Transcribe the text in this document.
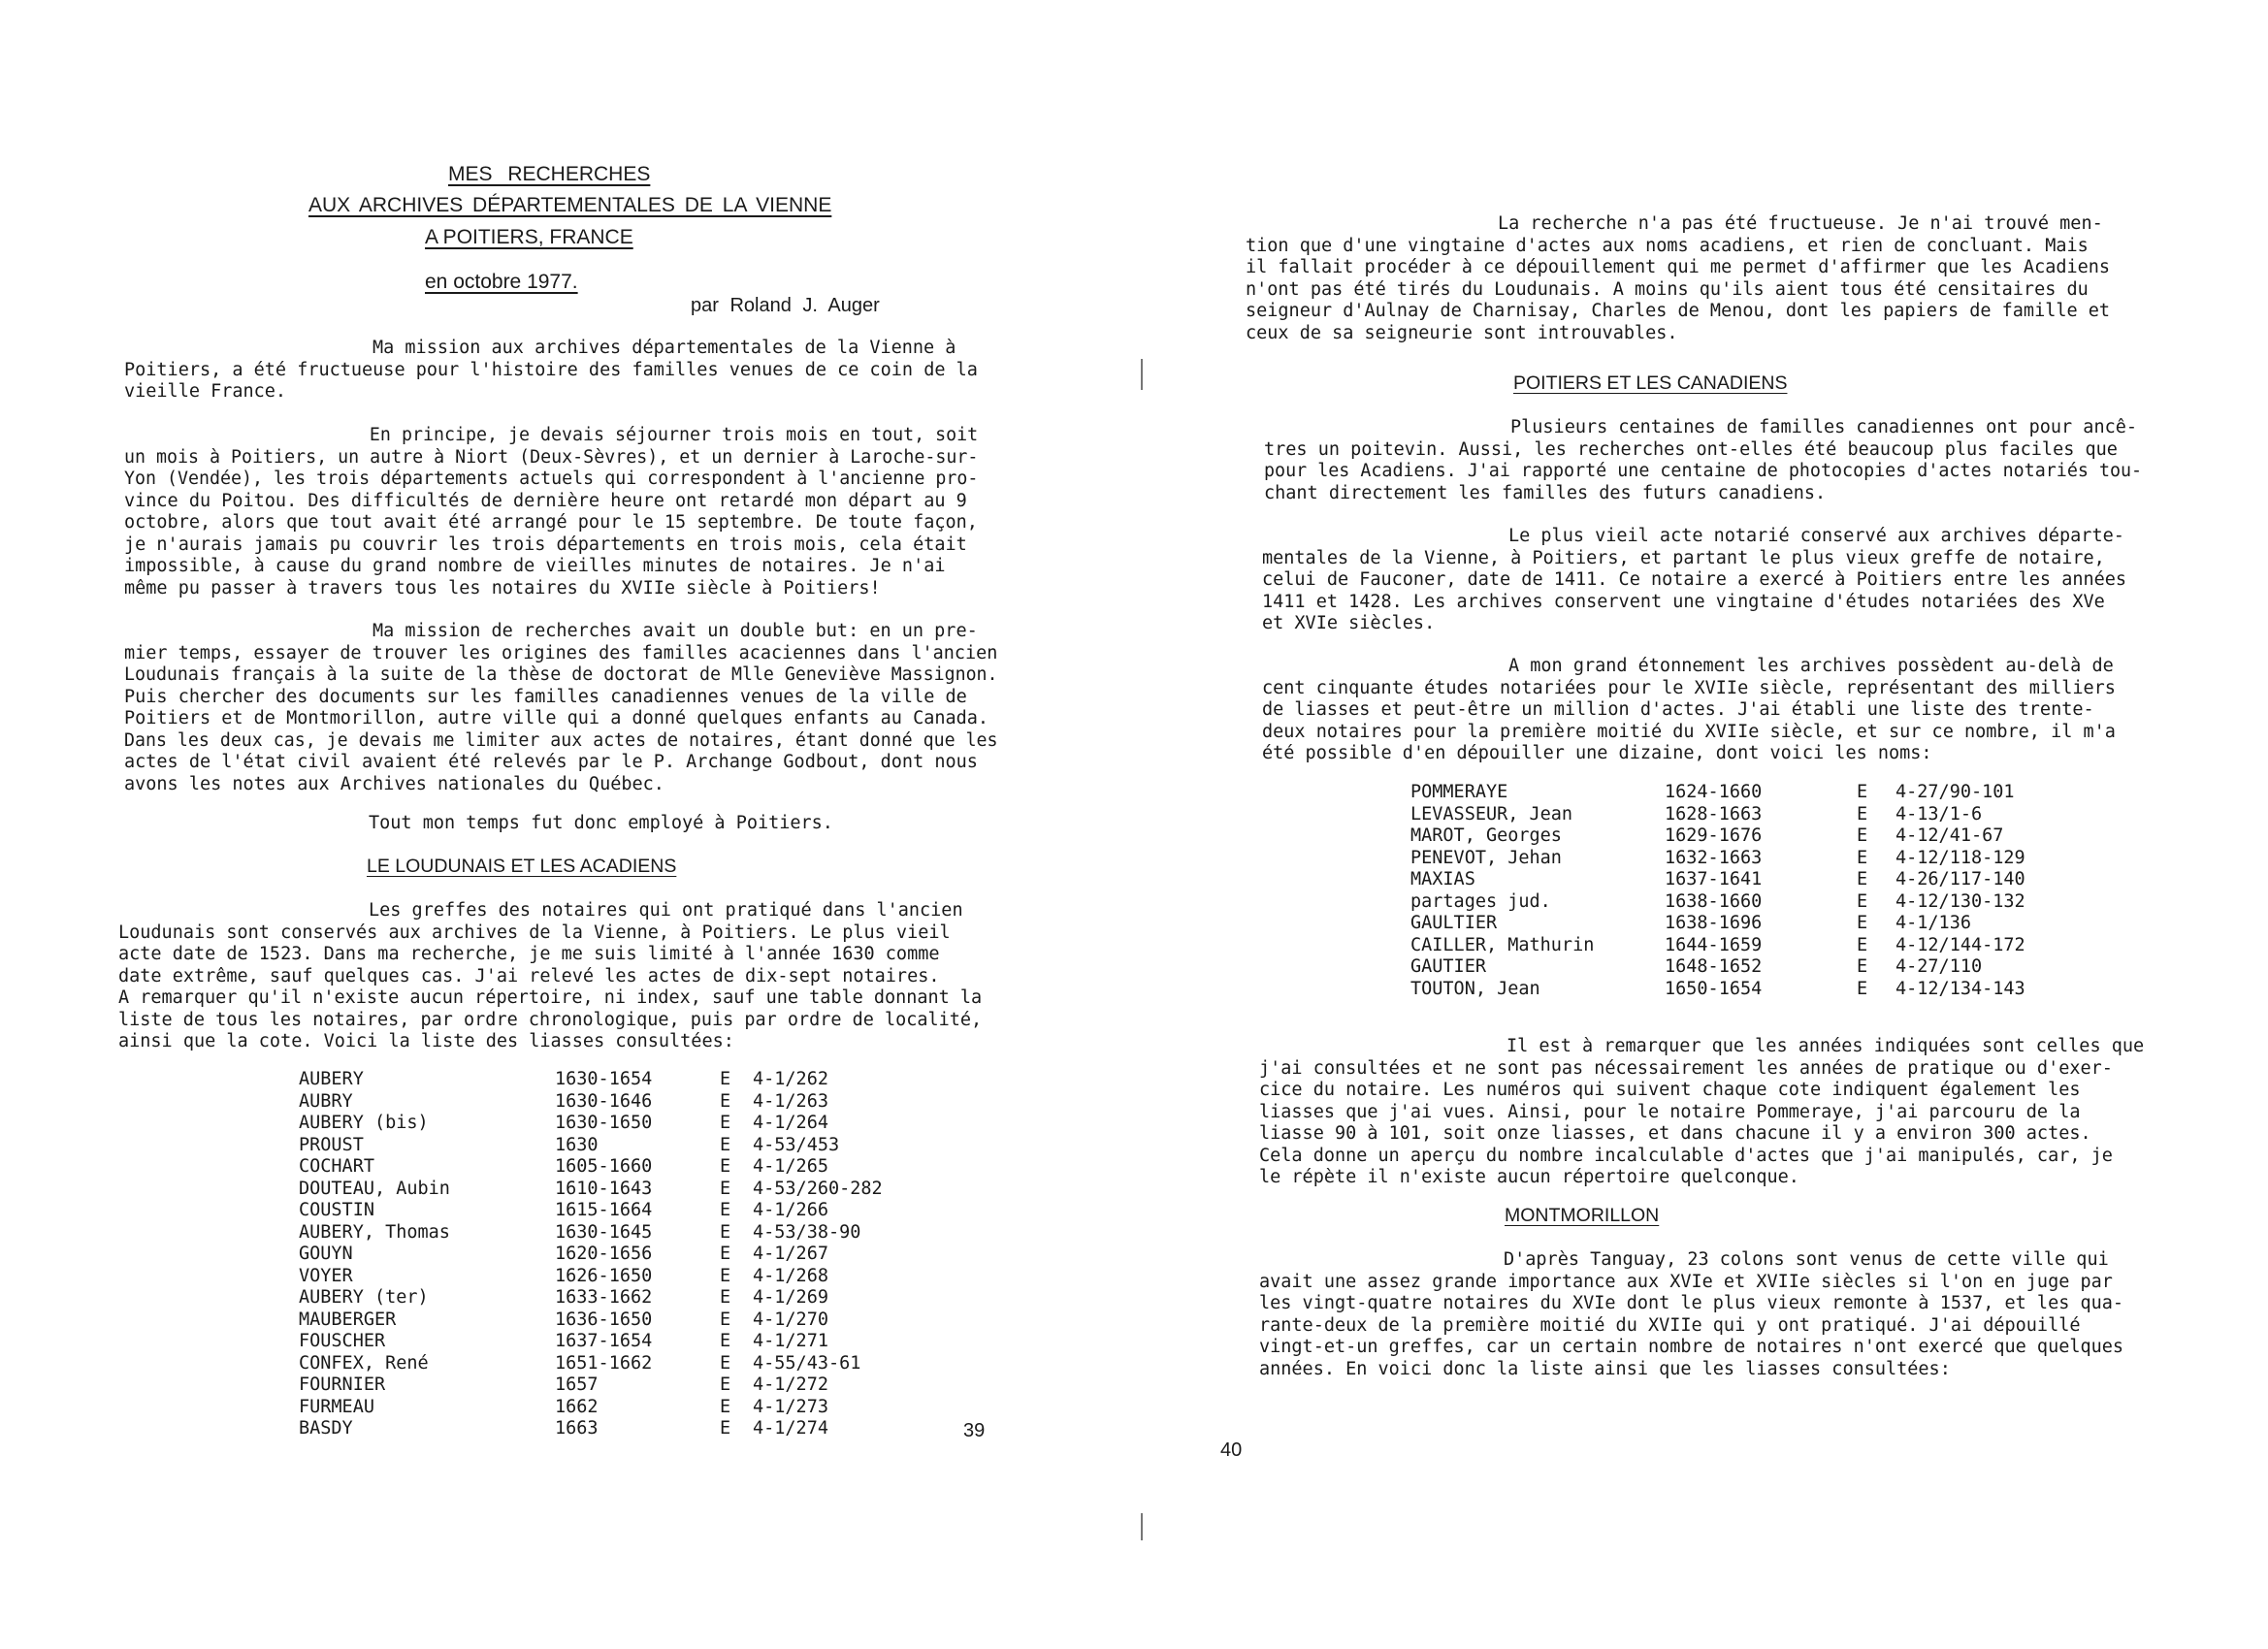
MES RECHERCHES
AUX ARCHIVES DÉPARTEMENTALES DE LA VIENNE
A POITIERS, FRANCE
en octobre 1977.
par Roland J. Auger
Ma mission aux archives départementales de la Vienne à
Poitiers, a été fructueuse pour l'histoire des familles venues de ce coin de la
vieille France.
En principe, je devais séjourner trois mois en tout, soit
un mois à Poitiers, un autre à Niort (Deux-Sèvres), et un dernier à Laroche-sur-
Yon (Vendée), les trois départements actuels qui correspondent à l'ancienne pro-
vince du Poitou. Des difficultés de dernière heure ont retardé mon départ au 9
octobre, alors que tout avait été arrangé pour le 15 septembre. De toute façon,
je n'aurais jamais pu couvrir les trois départements en trois mois, cela était
impossible, à cause du grand nombre de vieilles minutes de notaires. Je n'ai
même pu passer à travers tous les notaires du XVIIe siècle à Poitiers!
Ma mission de recherches avait un double but: en un pre-
mier temps, essayer de trouver les origines des familles acaciennes dans l'ancien
Loudunais français à la suite de la thèse de doctorat de Mlle Geneviève Massignon.
Puis chercher des documents sur les familles canadiennes venues de la ville de
Poitiers et de Montmorillon, autre ville qui a donné quelques enfants au Canada.
Dans les deux cas, je devais me limiter aux actes de notaires, étant donné que les
actes de l'état civil avaient été relevés par le P. Archange Godbout, dont nous
avons les notes aux Archives nationales du Québec.
Tout mon temps fut donc employé à Poitiers.
LE LOUDUNAIS ET LES ACADIENS
Les greffes des notaires qui ont pratiqué dans l'ancien
Loudunais sont conservés aux archives de la Vienne, à Poitiers. Le plus vieil
acte date de 1523. Dans ma recherche, je me suis limité à l'année 1630 comme
date extrême, sauf quelques cas. J'ai relevé les actes de dix-sept notaires.
A remarquer qu'il n'existe aucun répertoire, ni index, sauf une table donnant la
liste de tous les notaires, par ordre chronologique, puis par ordre de localité,
ainsi que la cote. Voici la liste des liasses consultées:
AUBERY	1630-1654	E	4-1/262
AUBRY	1630-1646	E	4-1/263
AUBERY (bis)	1630-1650	E	4-1/264
PROUST	1630	E	4-53/453
COCHART	1605-1660	E	4-1/265
DOUTEAU, Aubin	1610-1643	E	4-53/260-282
COUSTIN	1615-1664	E	4-1/266
AUBERY, Thomas	1630-1645	E	4-53/38-90
GOUYN	1620-1656	E	4-1/267
VOYER	1626-1650	E	4-1/268
AUBERY (ter)	1633-1662	E	4-1/269
MAUBERGER	1636-1650	E	4-1/270
FOUSCHER	1637-1654	E	4-1/271
CONFEX, René	1651-1662	E	4-55/43-61
FOURNIER	1657	E	4-1/272
FURMEAU	1662	E	4-1/273
BASDY	1663	E	4-1/274	39
La recherche n'a pas été fructueuse. Je n'ai trouvé men-
tion que d'une vingtaine d'actes aux noms acadiens, et rien de concluant. Mais
il fallait procéder à ce dépouillement qui me permet d'affirmer que les Acadiens
n'ont pas été tirés du Loudunais. A moins qu'ils aient tous été censitaires du
seigneur d'Aulnay de Charnisay, Charles de Menou, dont les papiers de famille et
ceux de sa seigneurie sont introuvables.
POITIERS ET LES CANADIENS
Plusieurs centaines de familles canadiennes ont pour ancê-
tres un poitevin. Aussi, les recherches ont-elles été beaucoup plus faciles que
pour les Acadiens. J'ai rapporté une centaine de photocopies d'actes notariés tou-
chant directement les familles des futurs canadiens.
Le plus vieil acte notarié conservé aux archives départe-
mentales de la Vienne, à Poitiers, et partant le plus vieux greffe de notaire,
celui de Fauconer, date de 1411. Ce notaire a exercé à Poitiers entre les années
1411 et 1428. Les archives conservent une vingtaine d'études notariées des XVe
et XVIe siècles.
A mon grand étonnement les archives possèdent au-delà de
cent cinquante études notariées pour le XVIIe siècle, représentant des milliers
de liasses et peut-être un million d'actes. J'ai établi une liste des trente-
deux notaires pour la première moitié du XVIIe siècle, et sur ce nombre, il m'a
été possible d'en dépouiller une dizaine, dont voici les noms:
POMMERAYE	1624-1660	E	4-27/90-101
LEVASSEUR, Jean	1628-1663	E	4-13/1-6
MAROT, Georges	1629-1676	E	4-12/41-67
PENEVOT, Jehan	1632-1663	E	4-12/118-129
MAXIAS	1637-1641	E	4-26/117-140
partages jud.	1638-1660	E	4-12/130-132
GAULTIER	1638-1696	E	4-1/136
CAILLER, Mathurin	1644-1659	E	4-12/144-172
GAUTIER	1648-1652	E	4-27/110
TOUTON, Jean	1650-1654	E	4-12/134-143
Il est à remarquer que les années indiquées sont celles que
j'ai consultées et ne sont pas nécessairement les années de pratique ou d'exer-
cice du notaire. Les numéros qui suivent chaque cote indiquent également les
liasses que j'ai vues. Ainsi, pour le notaire Pommeraye, j'ai parcouru de la
liasse 90 à 101, soit onze liasses, et dans chacune il y a environ 300 actes.
Cela donne un aperçu du nombre incalculable d'actes que j'ai manipulés, car, je
le répète il n'existe aucun répertoire quelconque.
MONTMORILLON
D'après Tanguay, 23 colons sont venus de cette ville qui
avait une assez grande importance aux XVIe et XVIIe siècles si l'on en juge par
les vingt-quatre notaires du XVIe dont le plus vieux remonte à 1537, et les qua-
rante-deux de la première moitié du XVIIe qui y ont pratiqué. J'ai dépouillé
vingt-et-un greffes, car un certain nombre de notaires n'ont exercé que quelques
années. En voici donc la liste ainsi que les liasses consultées:
40
